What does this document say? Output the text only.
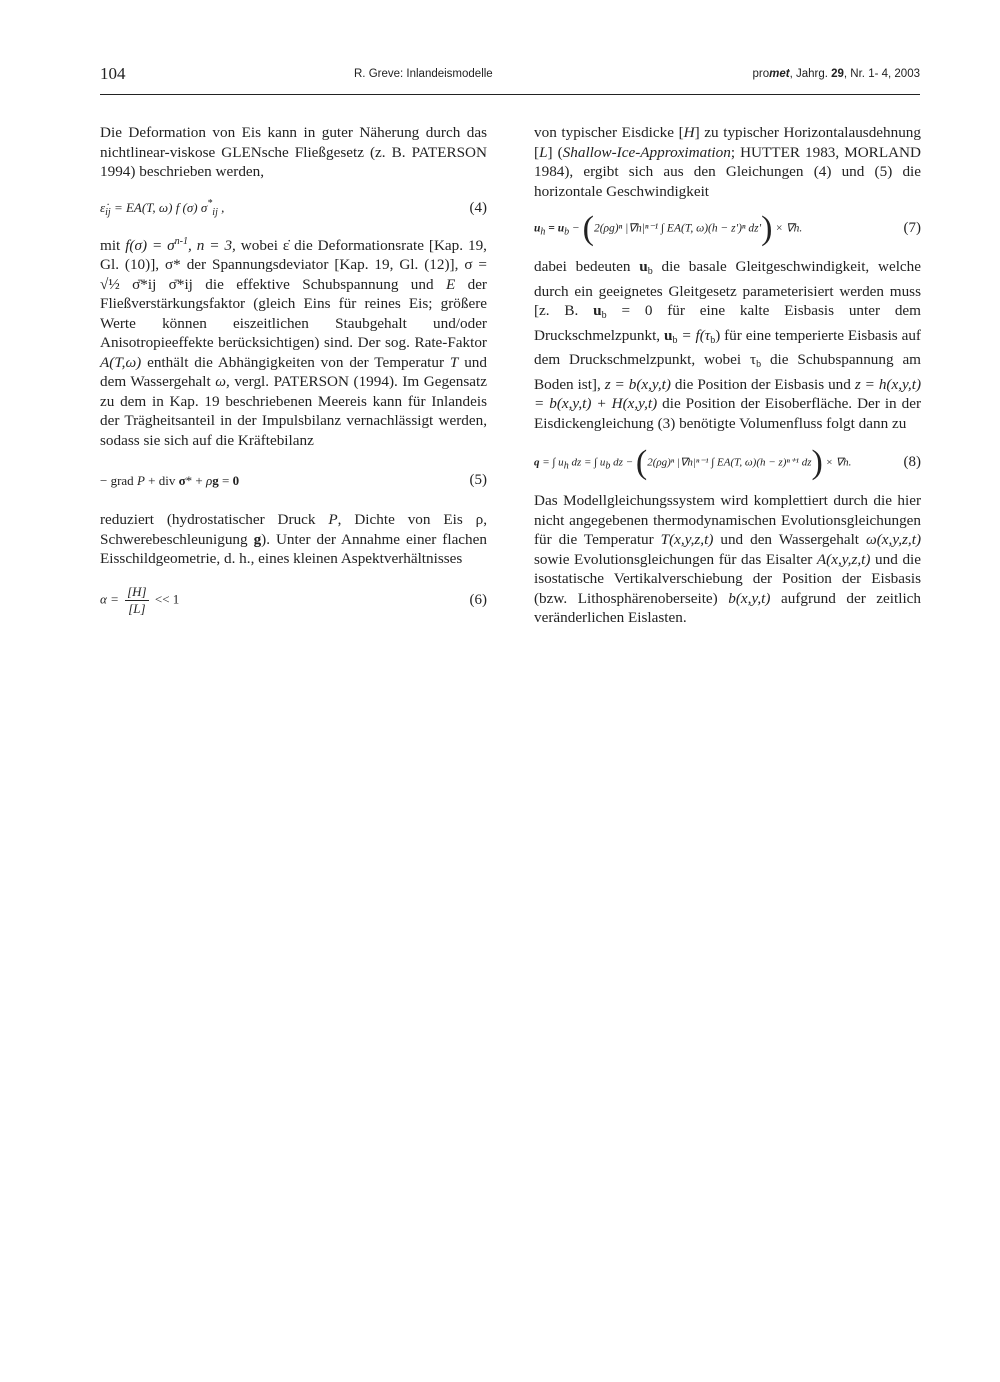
104	R. Greve: Inlandeismodelle	promet, Jahrg. 29, Nr. 1- 4, 2003

Die Deformation von Eis kann in guter Näherung durch das nichtlinear-viskose GLENsche Fließgesetz (z. B. PATERSON 1994) beschrieben werden,

$\varepsiloṅ_{ij} = EA(T$, ω) f (σ) $\sigma^*_{ij}$ ,	(4)

mit $f(\sigma) = \sigma^{n-1}$, n = 3, wobei ε̇ die Deformationsrate [Kap. 19, Gl. (10)], σ* der Spannungsdeviator [Kap. 19, Gl. (12)], σ = √½ σ̄*ij σ̄*ij die effektive Schubspannung und E der Fließverstärkungsfaktor (gleich Eins für reines Eis; größere Werte können eiszeitlichen Staubgehalt und/oder Anisotropieeffekte berücksichtigen) sind. Der sog. Rate-Faktor A(T,ω) enthält die Abhängigkeiten von der Temperatur T und dem Wassergehalt ω, vergl. PATERSON (1994). Im Gegensatz zu dem in Kap. 19 beschriebenen Meereis kann für Inlandeis der Trägheitsanteil in der Impulsbilanz vernachlässigt werden, sodass sie sich auf die Kräftebilanz

− grad P + div σ* + ρg = 0	(5)

reduziert (hydrostatischer Druck P, Dichte von Eis ρ, Schwerebeschleunigung g). Unter der Annahme einer flachen Eisschildgeometrie, d. h., eines kleinen Aspektverhältnisses

$\alpha = \frac{[H]}{[L]} << 1$	(6)

von typischer Eisdicke [H] zu typischer Horizontalausdehnung [L] (Shallow-Ice-Approximation; HUTTER 1983, MORLAND 1984), ergibt sich aus den Gleichungen (4) und (5) die horizontale Geschwindigkeit

uh = ub − (2(ρg)ⁿ |∇h|ⁿ⁻¹ ∫ EA(T, ω)(h − z')ⁿ dz') × ∇h.	(7)

dabei bedeuten $u_b$ die basale Gleitgeschwindigkeit, welche durch ein geeignetes Gleitgesetz parameterisiert werden muss [z. B. $u_b = 0$ für eine kalte Eisbasis unter dem Druckschmelzpunkt, $u_b = f(\tau_b)$ für eine temperierte Eisbasis auf dem Druckschmelzpunkt, wobei $\tau_b$ die Schubspannung am Boden ist], z = b(x,y,t) die Position der Eisbasis und z = h(x,y,t) = b(x,y,t) + H(x,y,t) die Position der Eisoberfläche. Der in der Eisdickengleichung (3) benötigte Volumenfluss folgt dann zu

q = ∫ uh dz = ∫ ub dz − (2(ρg)ⁿ |∇h|ⁿ⁻¹ ∫ EA(T, ω)(h − z)ⁿ⁺¹ dz) × ∇h.	(8)

Das Modellgleichungssystem wird komplettiert durch die hier nicht angegebenen thermodynamischen Evolutionsgleichungen für die Temperatur T(x,y,z,t) und den Wassergehalt ω(x,y,z,t) sowie Evolutionsgleichungen für das Eisalter A(x,y,z,t) und die isostatische Vertikalverschiebung der Position der Eisbasis (bzw. Lithosphärenoberseite) b(x,y,t) aufgrund der zeitlich veränderlichen Eislasten.
